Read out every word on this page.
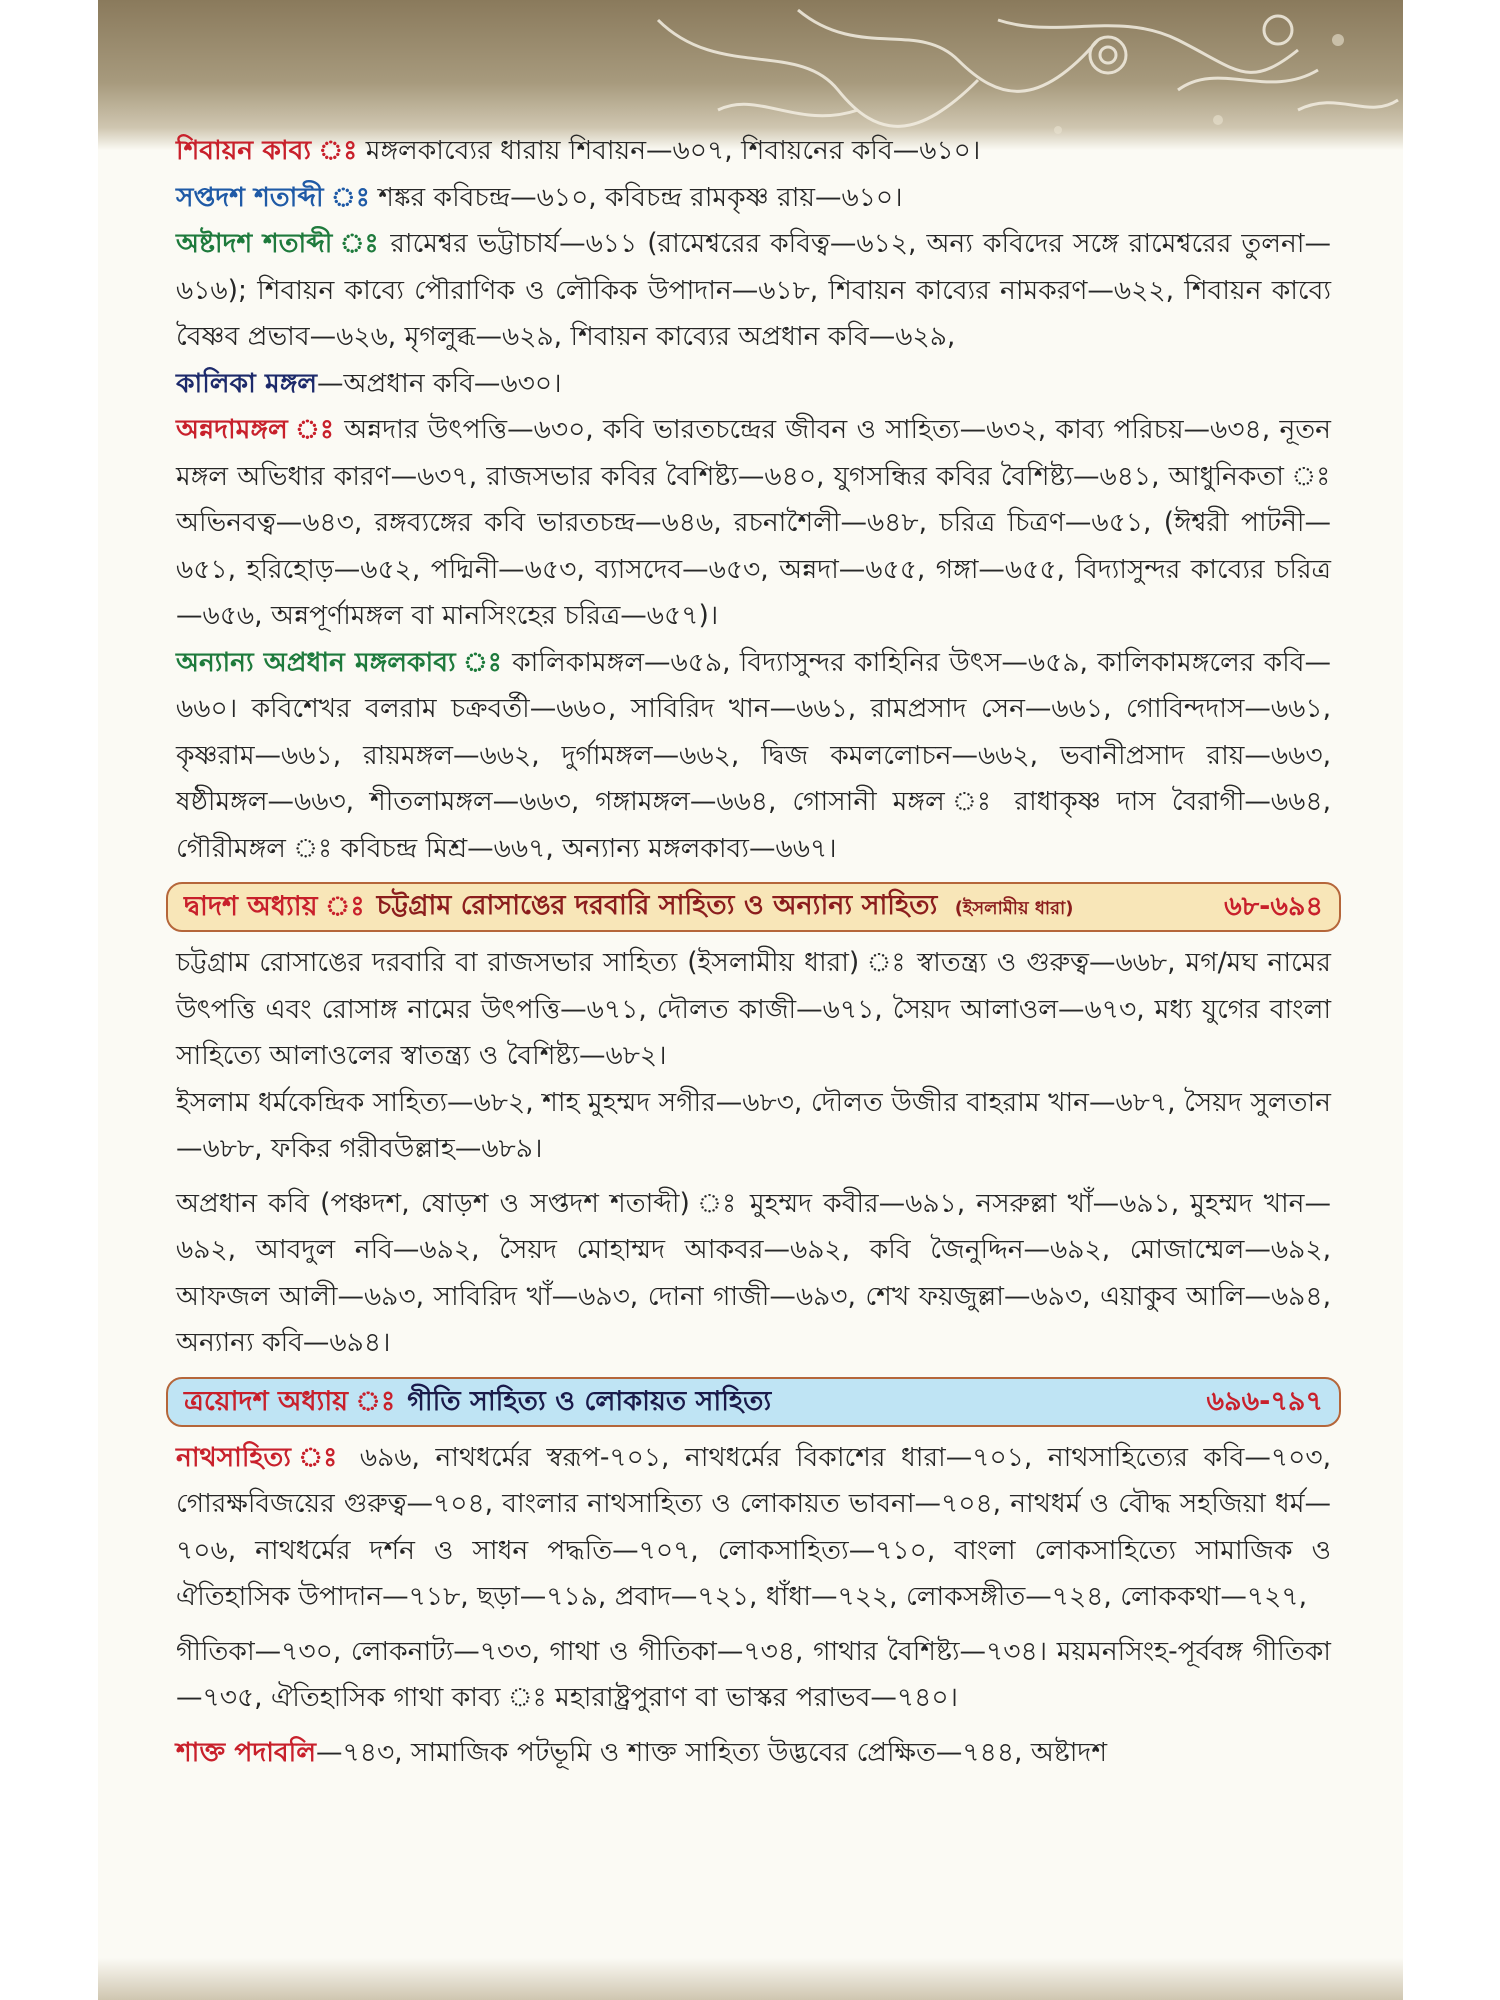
শিবায়ন কাব্য ঃ মঙ্গলকাব্যের ধারায় শিবায়ন—৬০৭, শিবায়নের কবি—৬১০।

সপ্তদশ শতাব্দী ঃ শঙ্কর কবিচন্দ্র—৬১০, কবিচন্দ্র রামকৃষ্ণ রায়—৬১০।

অষ্টাদশ শতাব্দী ঃ রামেশ্বর ভট্টাচার্য—৬১১ (রামেশ্বরের কবিত্ব—৬১২, অন্য কবিদের সঙ্গে রামেশ্বরের তুলনা—৬১৬); শিবায়ন কাব্যে পৌরাণিক ও লৌকিক উপাদান—৬১৮, শিবায়ন কাব্যের নামকরণ—৬২২, শিবায়ন কাব্যে বৈষ্ণব প্রভাব—৬২৬, মৃগলুব্ধ—৬২৯, শিবায়ন কাব্যের অপ্রধান কবি—৬২৯,

কালিকা মঙ্গল—অপ্রধান কবি—৬৩০।

অন্নদামঙ্গল ঃ অন্নদার উৎপত্তি—৬৩০, কবি ভারতচন্দ্রের জীবন ও সাহিত্য—৬৩২, কাব্য পরিচয়—৬৩৪, নূতন মঙ্গল অভিধার কারণ—৬৩৭, রাজসভার কবির বৈশিষ্ট্য—৬৪০, যুগসন্ধির কবির বৈশিষ্ট্য—৬৪১, আধুনিকতা ঃ অভিনবত্ব—৬৪৩, রঙ্গব্যঙ্গের কবি ভারতচন্দ্র—৬৪৬, রচনাশৈলী—৬৪৮, চরিত্র চিত্রণ—৬৫১, (ঈশ্বরী পাটনী—৬৫১, হরিহোড়—৬৫২, পদ্মিনী—৬৫৩, ব্যাসদেব—৬৫৩, অন্নদা—৬৫৫, গঙ্গা—৬৫৫, বিদ্যাসুন্দর কাব্যের চরিত্র—৬৫৬, অন্নপূর্ণামঙ্গল বা মানসিংহের চরিত্র—৬৫৭)।

অন্যান্য অপ্রধান মঙ্গলকাব্য ঃ কালিকামঙ্গল—৬৫৯, বিদ্যাসুন্দর কাহিনির উৎস—৬৫৯, কালিকামঙ্গলের কবি—৬৬০। কবিশেখর বলরাম চক্রবর্তী—৬৬০, সাবিরিদ খান—৬৬১, রামপ্রসাদ সেন—৬৬১, গোবিন্দদাস—৬৬১, কৃষ্ণরাম—৬৬১, রায়মঙ্গল—৬৬২, দুর্গামঙ্গল—৬৬২, দ্বিজ কমললোচন—৬৬২, ভবানীপ্রসাদ রায়—৬৬৩, ষষ্ঠীমঙ্গল—৬৬৩, শীতলামঙ্গল—৬৬৩, গঙ্গামঙ্গল—৬৬৪, গোসানী মঙ্গল ঃ রাধাকৃষ্ণ দাস বৈরাগী—৬৬৪, গৌরীমঙ্গল ঃ কবিচন্দ্র মিশ্র—৬৬৭, অন্যান্য মঙ্গলকাব্য—৬৬৭।

দ্বাদশ অধ্যায় ঃ চট্টগ্রাম রোসাঙের দরবারি সাহিত্য ও অন্যান্য সাহিত্য (ইসলামীয় ধারা)	৬৮-৬৯৪

চট্টগ্রাম রোসাঙের দরবারি বা রাজসভার সাহিত্য (ইসলামীয় ধারা) ঃ স্বাতন্ত্র্য ও গুরুত্ব—৬৬৮, মগ/মঘ নামের উৎপত্তি এবং রোসাঙ্গ নামের উৎপত্তি—৬৭১, দৌলত কাজী—৬৭১, সৈয়দ আলাওল—৬৭৩, মধ্য যুগের বাংলা সাহিত্যে আলাওলের স্বাতন্ত্র্য ও বৈশিষ্ট্য—৬৮২।

ইসলাম ধর্মকেন্দ্রিক সাহিত্য—৬৮২, শাহ মুহম্মদ সগীর—৬৮৩, দৌলত উজীর বাহরাম খান—৬৮৭, সৈয়দ সুলতান—৬৮৮, ফকির গরীবউল্লাহ—৬৮৯।

অপ্রধান কবি (পঞ্চদশ, ষোড়শ ও সপ্তদশ শতাব্দী) ঃ মুহম্মদ কবীর—৬৯১, নসরুল্লা খাঁ—৬৯১, মুহম্মদ খান—৬৯২, আবদুল নবি—৬৯২, সৈয়দ মোহাম্মদ আকবর—৬৯২, কবি জৈনুদ্দিন—৬৯২, মোজাম্মেল—৬৯২, আফজল আলী—৬৯৩, সাবিরিদ খাঁ—৬৯৩, দোনা গাজী—৬৯৩, শেখ ফয়জুল্লা—৬৯৩, এয়াকুব আলি—৬৯৪, অন্যান্য কবি—৬৯৪।

ত্রয়োদশ অধ্যায় ঃ গীতি সাহিত্য ও লোকায়ত সাহিত্য	৬৯৬-৭৯৭

নাথসাহিত্য ঃ ৬৯৬, নাথধর্মের স্বরূপ-৭০১, নাথধর্মের বিকাশের ধারা—৭০১, নাথসাহিত্যের কবি—৭০৩, গোরক্ষবিজয়ের গুরুত্ব—৭০৪, বাংলার নাথসাহিত্য ও লোকায়ত ভাবনা—৭০৪, নাথধর্ম ও বৌদ্ধ সহজিয়া ধর্ম—৭০৬, নাথধর্মের দর্শন ও সাধন পদ্ধতি—৭০৭, লোকসাহিত্য—৭১০, বাংলা লোকসাহিত্যে সামাজিক ও ঐতিহাসিক উপাদান—৭১৮, ছড়া—৭১৯, প্রবাদ—৭২১, ধাঁধা—৭২২, লোকসঙ্গীত—৭২৪, লোককথা—৭২৭,

গীতিকা—৭৩০, লোকনাট্য—৭৩৩, গাথা ও গীতিকা—৭৩৪, গাথার বৈশিষ্ট্য—৭৩৪। ময়মনসিংহ-পূর্ববঙ্গ গীতিকা—৭৩৫, ঐতিহাসিক গাথা কাব্য ঃ মহারাষ্ট্রপুরাণ বা ভাস্কর পরাভব—৭৪০।

শাক্ত পদাবলি—৭৪৩, সামাজিক পটভূমি ও শাক্ত সাহিত্য উদ্ভবের প্রেক্ষিত—৭৪৪, অষ্টাদশ
